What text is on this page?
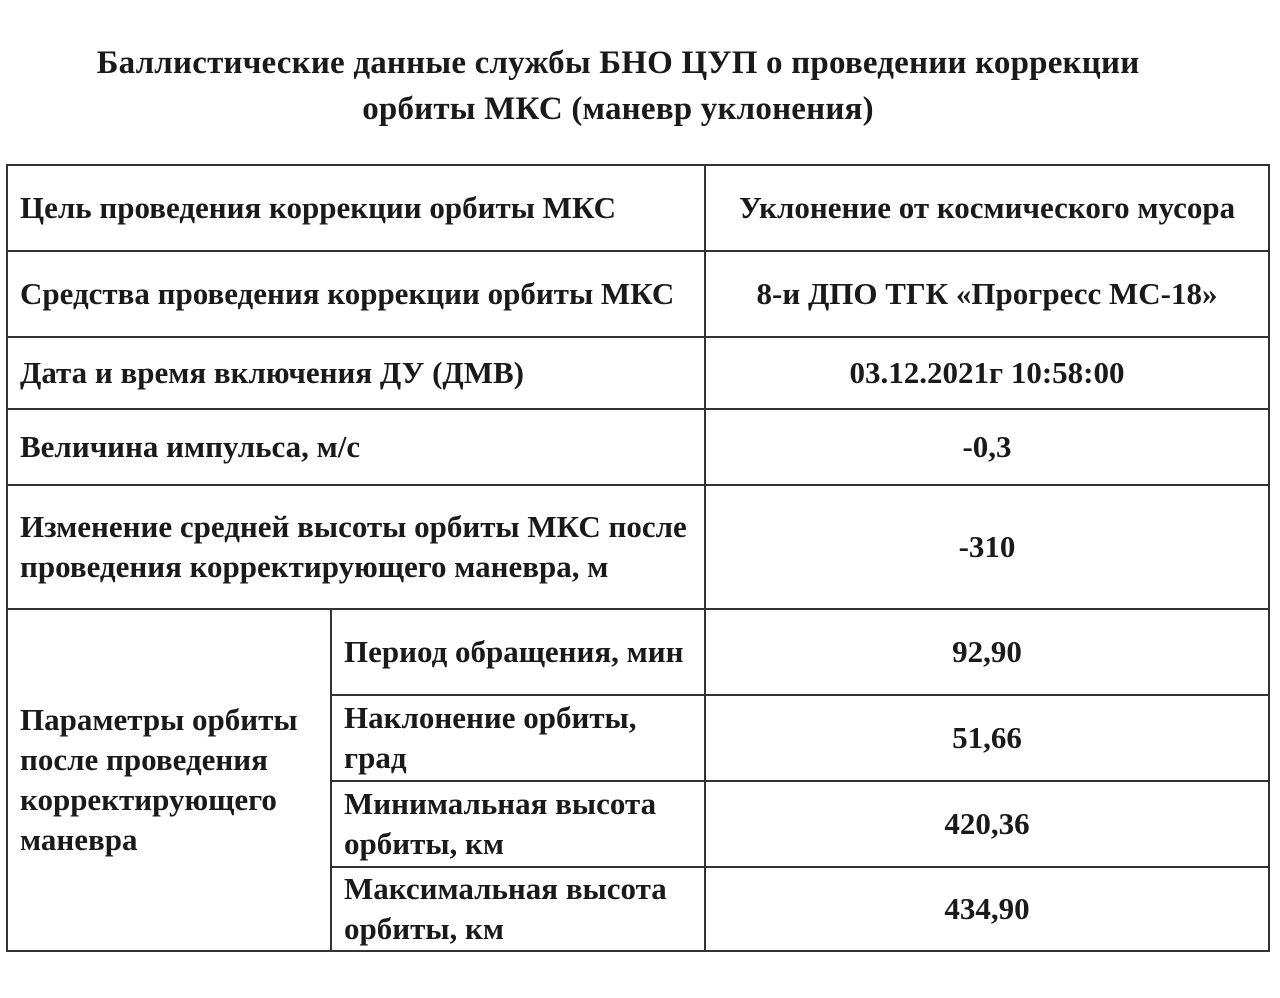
Баллистические данные службы БНО ЦУП о проведении коррекции
орбиты МКС (маневр уклонения)
Цель проведения коррекции орбиты МКС		Уклонение от космического мусора

Средства проведения коррекции орбиты МКС		8-и ДПО ТГК «Прогресс МС-18»
Дата и время включения ДУ (ДМВ)		03.12.2021г 10:58:00
Величина импульса, м/с		-0,3
Изменение средней высоты орбиты МКС после проведения корректирующего маневра, м		-310
Параметры орбиты после проведения корректирующего маневра	Период обращения, мин	92,90
	Наклонение орбиты, град	51,66
	Минимальная высота орбиты, км	420,36
	Максимальная высота орбиты, км	434,90
